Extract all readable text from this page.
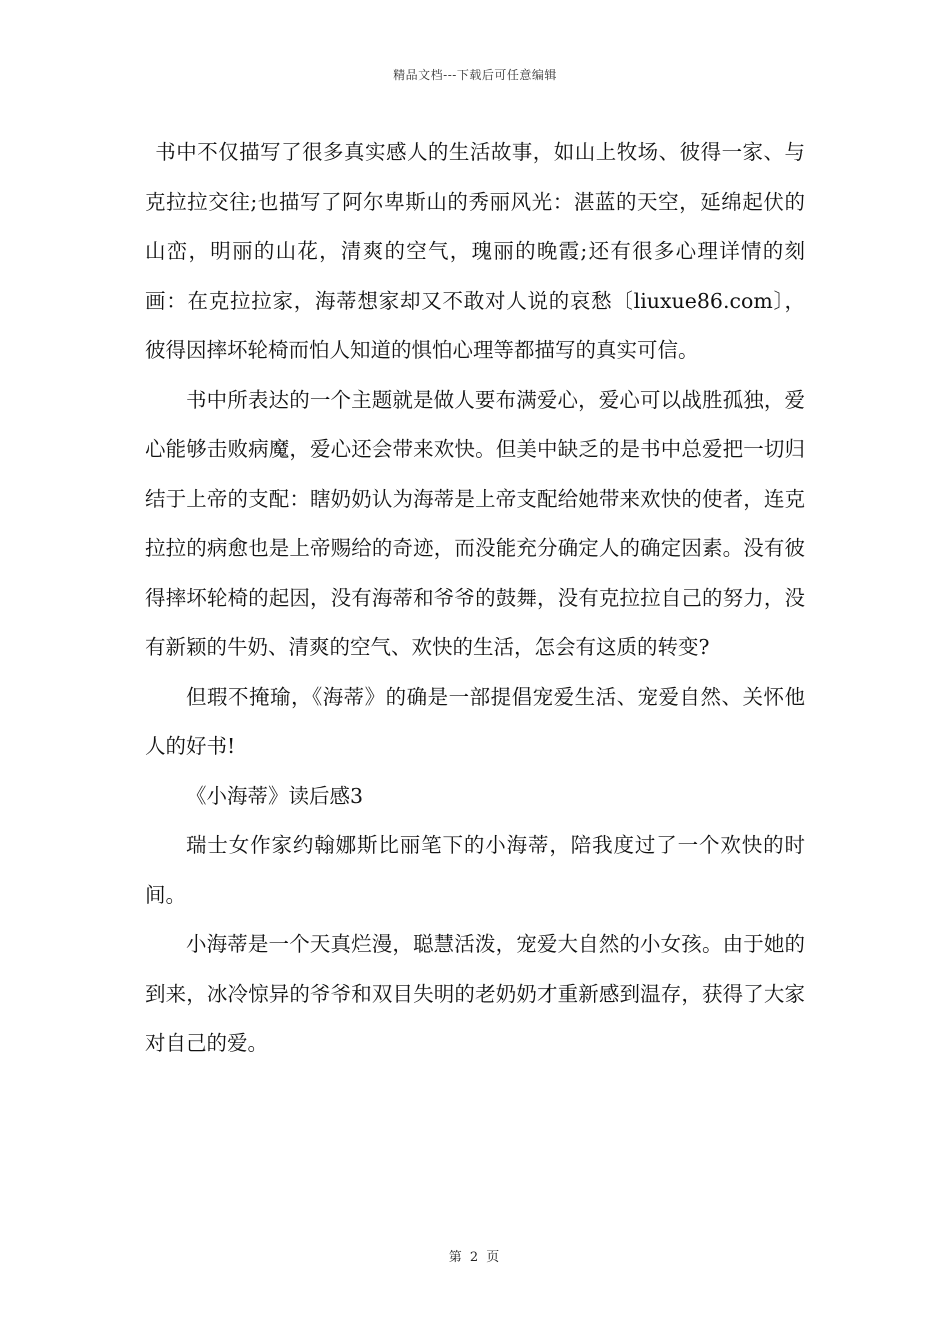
精品文档---下载后可任意编辑

书中不仅描写了很多真实感人的生活故事，如山上牧场、彼得一家、与克拉拉交往;也描写了阿尔卑斯山的秀丽风光：湛蓝的天空，延绵起伏的山峦，明丽的山花，清爽的空气，瑰丽的晚霞;还有很多心理详情的刻画：在克拉拉家，海蒂想家却又不敢对人说的哀愁〔liuxue86.com〕，彼得因摔坏轮椅而怕人知道的惧怕心理等都描写的真实可信。

书中所表达的一个主题就是做人要布满爱心，爱心可以战胜孤独，爱心能够击败病魔，爱心还会带来欢快。但美中缺乏的是书中总爱把一切归结于上帝的支配：瞎奶奶认为海蒂是上帝支配给她带来欢快的使者，连克拉拉的病愈也是上帝赐给的奇迹，而没能充分确定人的确定因素。没有彼得摔坏轮椅的起因，没有海蒂和爷爷的鼓舞，没有克拉拉自己的努力，没有新颖的牛奶、清爽的空气、欢快的生活，怎会有这质的转变?

但瑕不掩瑜，《海蒂》的确是一部提倡宠爱生活、宠爱自然、关怀他人的好书!

《小海蒂》读后感3

瑞士女作家约翰娜斯比丽笔下的小海蒂，陪我度过了一个欢快的时间。

小海蒂是一个天真烂漫，聪慧活泼，宠爱大自然的小女孩。由于她的到来，冰冷惊异的爷爷和双目失明的老奶奶才重新感到温存，获得了大家对自己的爱。

第 2 页
